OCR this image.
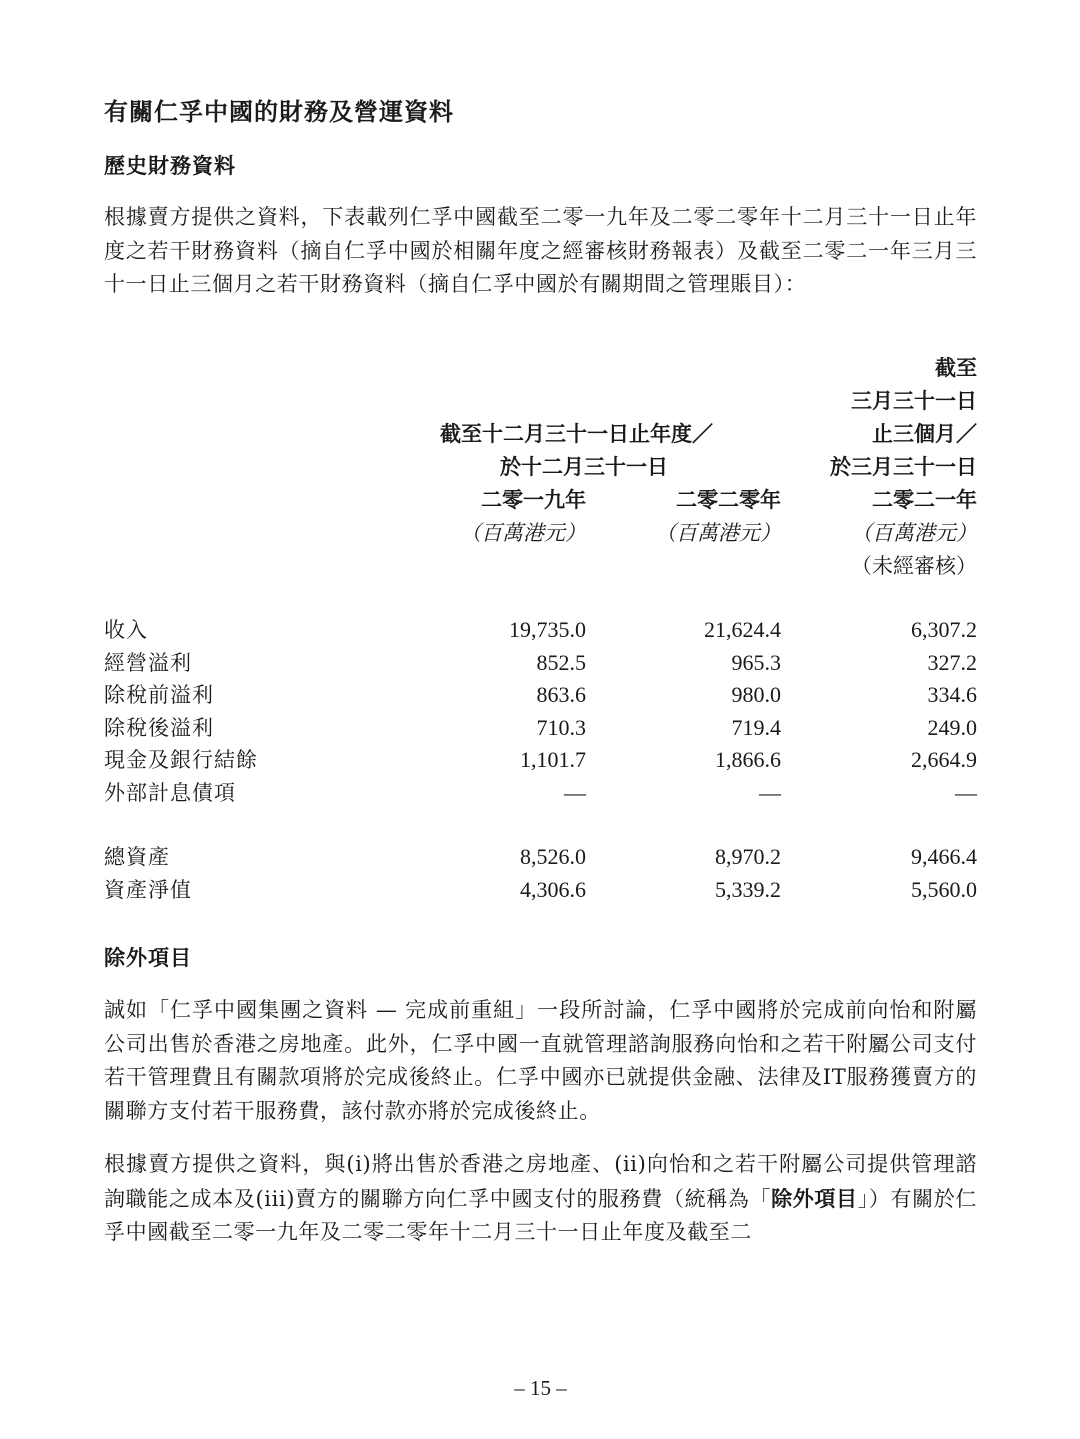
有關仁孚中國的財務及營運資料
歷史財務資料

根據賣方提供之資料，下表載列仁孚中國截至二零一九年及二零二零年十二月三十一日止年度之若干財務資料（摘自仁孚中國於相關年度之經審核財務報表）及截至二零二一年三月三十一日止三個月之若干財務資料（摘自仁孚中國於有關期間之管理賬目）：

截至
三月三十一日
止三個月／
於三月三十一日
截至十二月三十一日止年度／
於十二月三十一日
二零一九年	二零二零年	二零二一年
（百萬港元）	（百萬港元）	（百萬港元）
（未經審核）
收入	19,735.0	21,624.4	6,307.2
經營溢利	852.5	965.3	327.2
除稅前溢利	863.6	980.0	334.6
除稅後溢利	710.3	719.4	249.0
現金及銀行結餘	1,101.7	1,866.6	2,664.9
外部計息債項	—	—	—

總資產	8,526.0	8,970.2	9,466.4
資產淨值	4,306.6	5,339.2	5,560.0
除外項目

誠如「仁孚中國集團之資料 — 完成前重組」一段所討論，仁孚中國將於完成前向怡和附屬公司出售於香港之房地產。此外，仁孚中國一直就管理諮詢服務向怡和之若干附屬公司支付若干管理費且有關款項將於完成後終止。仁孚中國亦已就提供金融、法律及IT服務獲賣方的關聯方支付若干服務費，該付款亦將於完成後終止。

根據賣方提供之資料，與(i)將出售於香港之房地產、(ii)向怡和之若干附屬公司提供管理諮詢職能之成本及(iii)賣方的關聯方向仁孚中國支付的服務費（統稱為「除外項目」）有關於仁孚中國截至二零一九年及二零二零年十二月三十一日止年度及截至二

– 15 –
